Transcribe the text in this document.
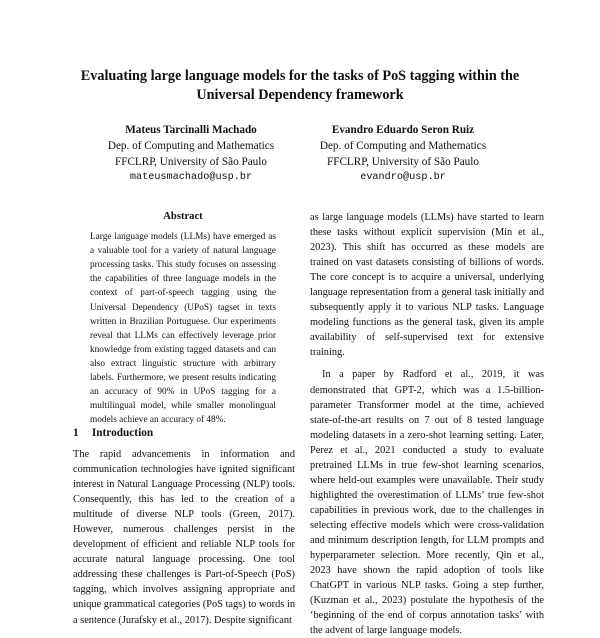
Evaluating large language models for the tasks of PoS tagging within the
Universal Dependency framework
Mateus Tarcinalli Machado
Dep. of Computing and Mathematics
FFCLRP, University of São Paulo
mateusmachado@usp.br
Evandro Eduardo Seron Ruiz
Dep. of Computing and Mathematics
FFCLRP, University of São Paulo
evandro@usp.br
Abstract

Large language models (LLMs) have emerged as a valuable tool for a variety of natural language processing tasks. This study focuses on assessing the capabilities of three language models in the context of part-of-speech tagging using the Universal Dependency (UPoS) tagset in texts written in Brazilian Portuguese. Our experiments reveal that LLMs can effectively leverage prior knowledge from existing tagged datasets and can also extract linguistic structure with arbitrary labels. Furthermore, we present results indicating an accuracy of 90% in UPoS tagging for a multilingual model, while smaller monolingual models achieve an accuracy of 48%.

1 Introduction

The rapid advancements in information and communication technologies have ignited significant interest in Natural Language Processing (NLP) tools. Consequently, this has led to the creation of a multitude of diverse NLP tools (Green, 2017). However, numerous challenges persist in the development of efficient and reliable NLP tools for accurate natural language processing. One tool addressing these challenges is Part-of-Speech (PoS) tagging, which involves assigning appropriate and unique grammatical categories (PoS tags) to words in a sentence (Jurafsky et al., 2017). Despite significant

as large language models (LLMs) have started to learn these tasks without explicit supervision (Min et al., 2023). This shift has occurred as these models are trained on vast datasets consisting of billions of words. The core concept is to acquire a universal, underlying language representation from a general task initially and subsequently apply it to various NLP tasks. Language modeling functions as the general task, given its ample availability of self-supervised text for extensive training.

In a paper by Radford et al., 2019, it was demonstrated that GPT-2, which was a 1.5-billion-parameter Transformer model at the time, achieved state-of-the-art results on 7 out of 8 tested language modeling datasets in a zero-shot learning setting. Later, Perez et al., 2021 conducted a study to evaluate pretrained LLMs in true few-shot learning scenarios, where held-out examples were unavailable. Their study highlighted the overestimation of LLMs’ true few-shot capabilities in previous work, due to the challenges in selecting effective models which were cross-validation and minimum description length, for LLM prompts and hyperparameter selection. More recently, Qin et al., 2023 have shown the rapid adoption of tools like ChatGPT in various NLP tasks. Going a step further, (Kuzman et al., 2023) postulate the hypothesis of the ‘beginning of the end of corpus annotation tasks’ with the advent of large language models.
